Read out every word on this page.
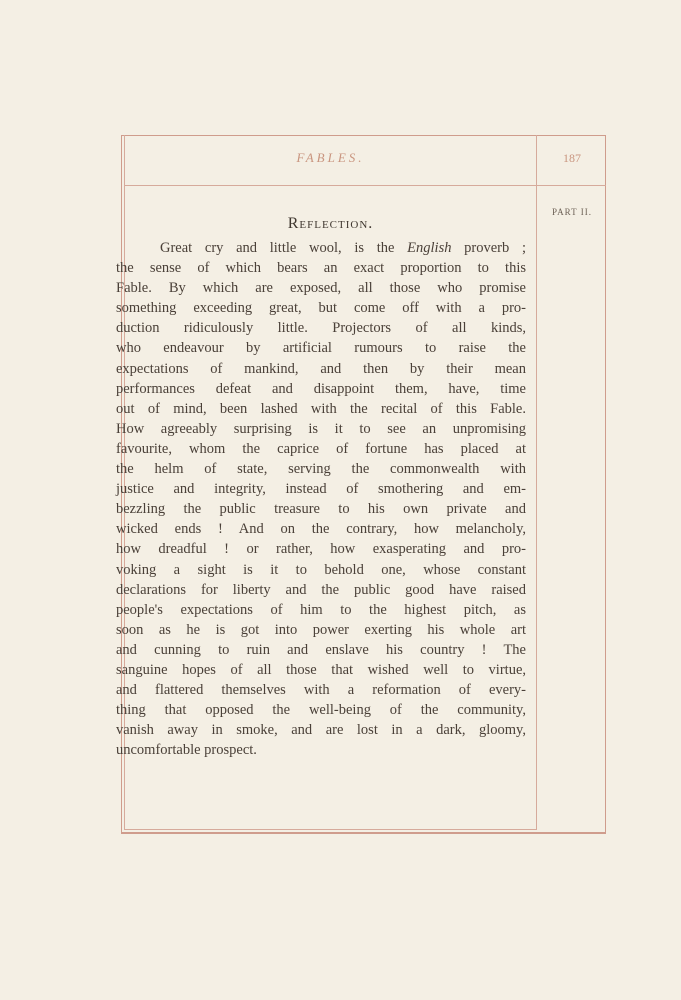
FABLES.	187
PART II.
Reflection.
Great cry and little wool, is the English proverb ;
the sense of which bears an exact proportion to this
Fable. By which are exposed, all those who promise
something exceeding great, but come off with a pro-
duction ridiculously little. Projectors of all kinds,
who endeavour by artificial rumours to raise the
expectations of mankind, and then by their mean
performances defeat and disappoint them, have, time
out of mind, been lashed with the recital of this Fable.
How agreeably surprising is it to see an unpromising
favourite, whom the caprice of fortune has placed at
the helm of state, serving the commonwealth with
justice and integrity, instead of smothering and em-
bezzling the public treasure to his own private and
wicked ends ! And on the contrary, how melancholy,
how dreadful ! or rather, how exasperating and pro-
voking a sight is it to behold one, whose constant
declarations for liberty and the public good have raised
people's expectations of him to the highest pitch, as
soon as he is got into power exerting his whole art
and cunning to ruin and enslave his country ! The
sanguine hopes of all those that wished well to virtue,
and flattered themselves with a reformation of every-
thing that opposed the well-being of the community,
vanish away in smoke, and are lost in a dark, gloomy,
uncomfortable prospect.
